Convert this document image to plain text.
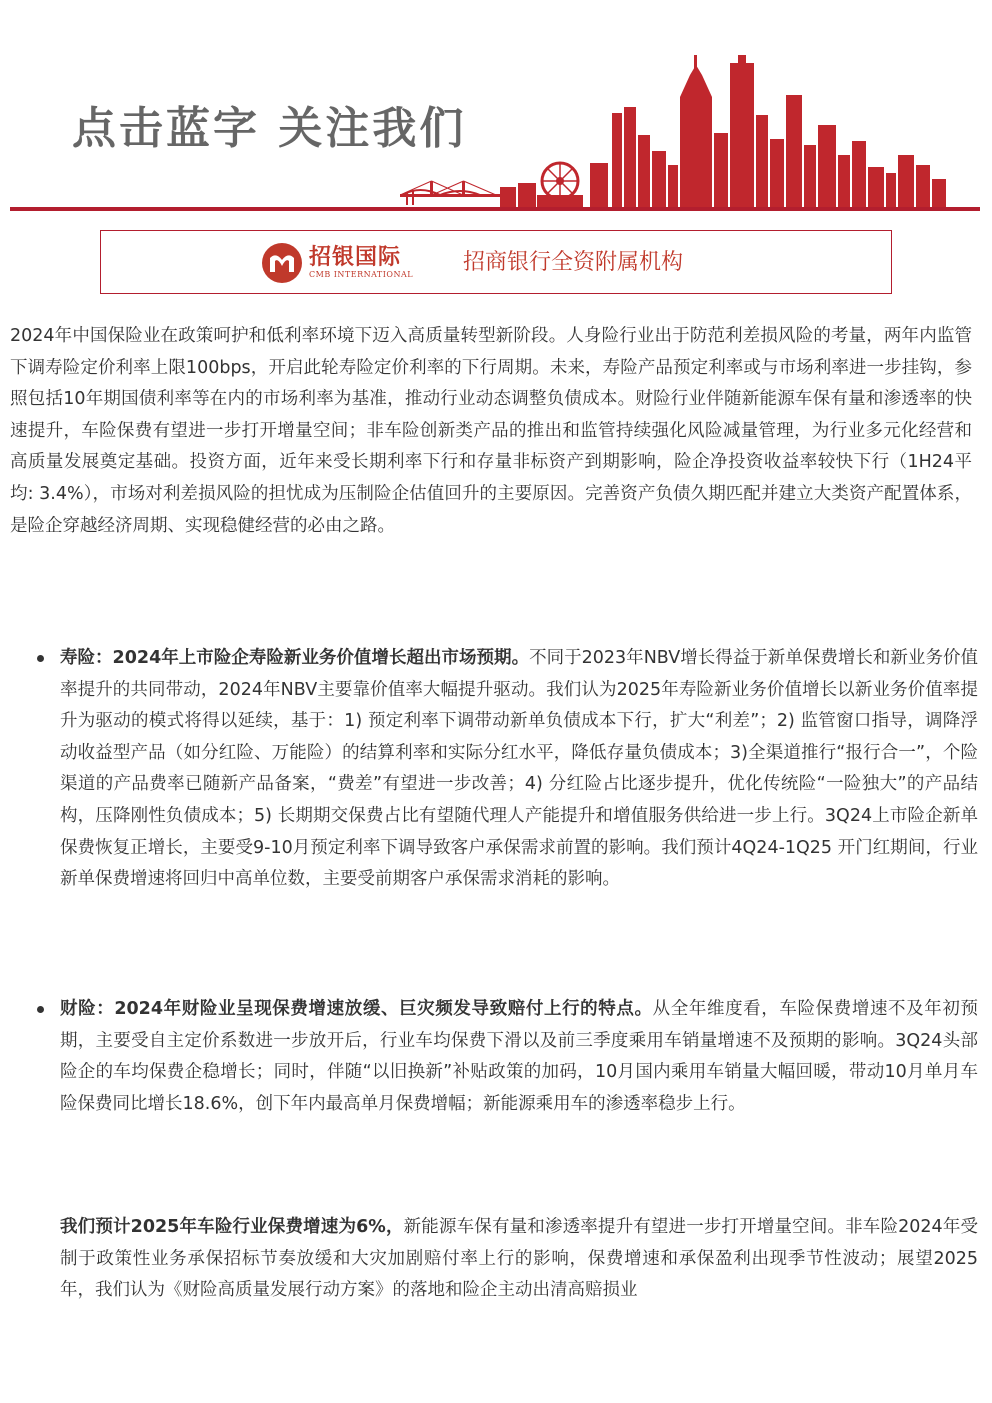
点击蓝字 关注我们
招银国际
CMB INTERNATIONAL 招商银行全资附属机构

2024年中国保险业在政策呵护和低利率环境下迈入高质量转型新阶段。人身险行业出于防范利差损风险的考量，两年内监管下调寿险定价利率上限100bps，开启此轮寿险定价利率的下行周期。未来，寿险产品预定利率或与市场利率进一步挂钩，参照包括10年期国债利率等在内的市场利率为基准，推动行业动态调整负债成本。财险行业伴随新能源车保有量和渗透率的快速提升，车险保费有望进一步打开增量空间；非车险创新类产品的推出和监管持续强化风险减量管理，为行业多元化经营和高质量发展奠定基础。投资方面，近年来受长期利率下行和存量非标资产到期影响，险企净投资收益率较快下行（1H24平均: 3.4%），市场对利差损风险的担忧成为压制险企估值回升的主要原因。完善资产负债久期匹配并建立大类资产配置体系，是险企穿越经济周期、实现稳健经营的必由之路。

寿险：2024年上市险企寿险新业务价值增长超出市场预期。不同于2023年NBV增长得益于新单保费增长和新业务价值率提升的共同带动，2024年NBV主要靠价值率大幅提升驱动。我们认为2025年寿险新业务价值增长以新业务价值率提升为驱动的模式将得以延续，基于：1) 预定利率下调带动新单负债成本下行，扩大“利差”；2) 监管窗口指导，调降浮动收益型产品（如分红险、万能险）的结算利率和实际分红水平，降低存量负债成本；3)全渠道推行“报行合一”，个险渠道的产品费率已随新产品备案，“费差”有望进一步改善；4) 分红险占比逐步提升，优化传统险“一险独大”的产品结构，压降刚性负债成本；5) 长期期交保费占比有望随代理人产能提升和增值服务供给进一步上行。3Q24上市险企新单保费恢复正增长，主要受9-10月预定利率下调导致客户承保需求前置的影响。我们预计4Q24-1Q25 开门红期间，行业新单保费增速将回归中高单位数，主要受前期客户承保需求消耗的影响。

财险：2024年财险业呈现保费增速放缓、巨灾频发导致赔付上行的特点。从全年维度看，车险保费增速不及年初预期，主要受自主定价系数进一步放开后，行业车均保费下滑以及前三季度乘用车销量增速不及预期的影响。3Q24头部险企的车均保费企稳增长；同时，伴随“以旧换新”补贴政策的加码，10月国内乘用车销量大幅回暖，带动10月单月车险保费同比增长18.6%，创下年内最高单月保费增幅；新能源乘用车的渗透率稳步上行。

我们预计2025年车险行业保费增速为6%，新能源车保有量和渗透率提升有望进一步打开增量空间。非车险2024年受制于政策性业务承保招标节奏放缓和大灾加剧赔付率上行的影响，保费增速和承保盈利出现季节性波动；展望2025年，我们认为《财险高质量发展行动方案》的落地和险企主动出清高赔损业
